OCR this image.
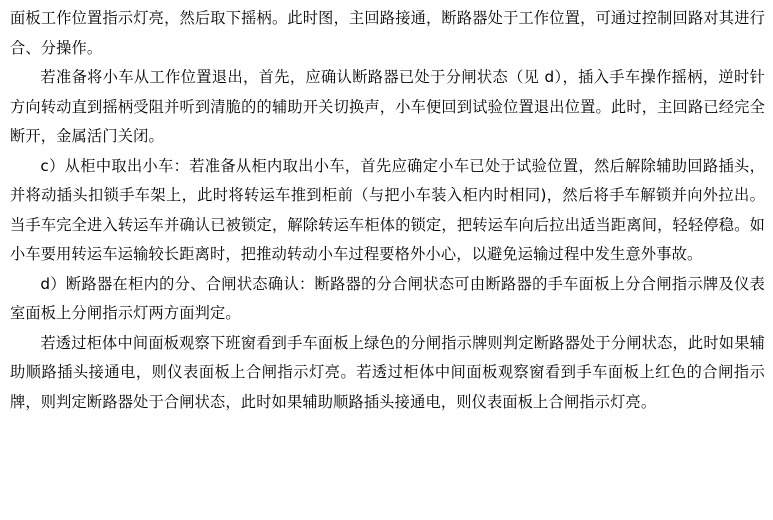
面板工作位置指示灯亮，然后取下摇柄。此时图，主回路接通，断路器处于工作位置，可通过控制回路对其进行合、分操作。

若准备将小车从工作位置退出，首先，应确认断路器已处于分闸状态（见 d），插入手车操作摇柄，逆时针方向转动直到摇柄受阻并听到清脆的的辅助开关切换声，小车便回到试验位置退出位置。此时，主回路已经完全断开，金属活门关闭。

c）从柜中取出小车：若准备从柜内取出小车，首先应确定小车已处于试验位置，然后解除辅助回路插头，并将动插头扣锁手车架上，此时将转运车推到柜前（与把小车装入柜内时相同)，然后将手车解锁并向外拉出。当手车完全进入转运车并确认已被锁定，解除转运车柜体的锁定，把转运车向后拉出适当距离间，轻轻停稳。如小车要用转运车运输较长距离时，把推动转动小车过程要格外小心，以避免运输过程中发生意外事故。

d）断路器在柜内的分、合闸状态确认：断路器的分合闸状态可由断路器的手车面板上分合闸指示牌及仪表室面板上分闸指示灯两方面判定。

若透过柜体中间面板观察下班窗看到手车面板上绿色的分闸指示牌则判定断路器处于分闸状态，此时如果辅助顺路插头接通电，则仪表面板上合闸指示灯亮。若透过柜体中间面板观察窗看到手车面板上红色的合闸指示牌，则判定断路器处于合闸状态，此时如果辅助顺路插头接通电，则仪表面板上合闸指示灯亮。
